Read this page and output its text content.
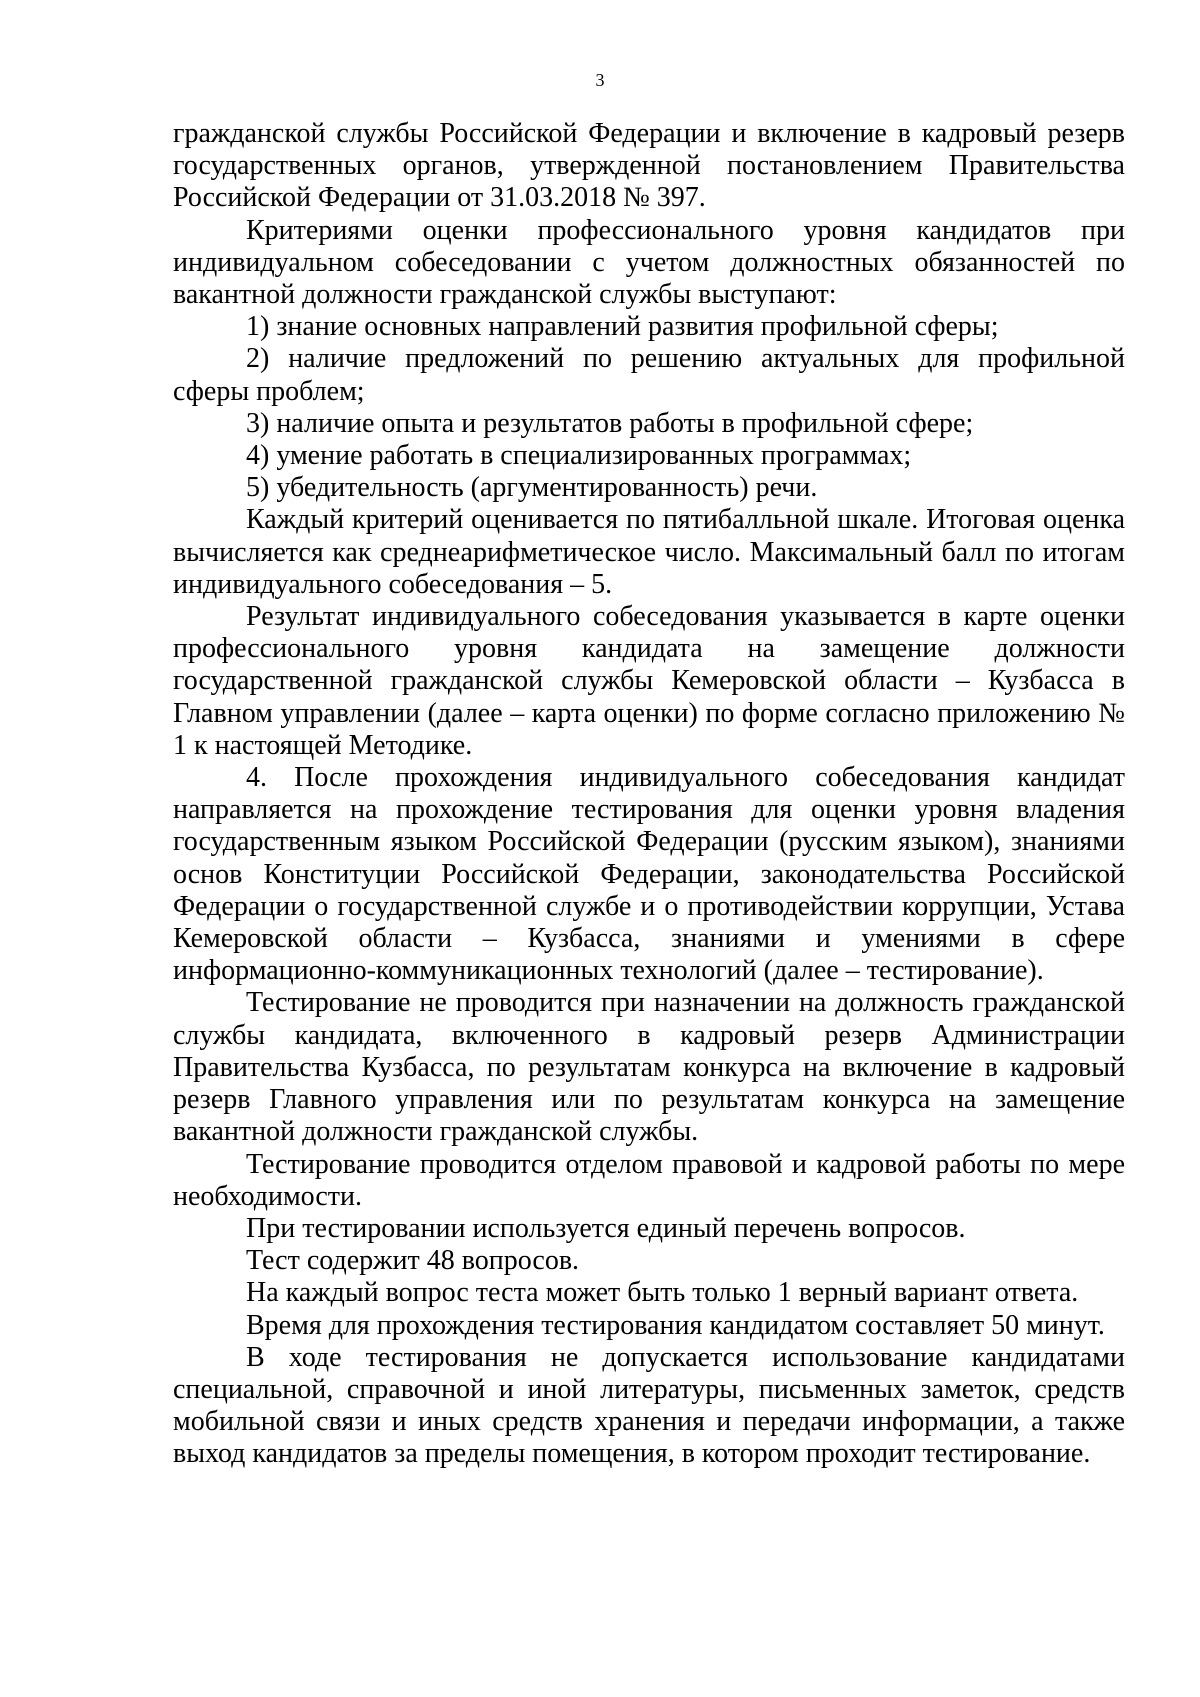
3

гражданской службы Российской Федерации и включение в кадровый резерв государственных органов, утвержденной постановлением Правительства Российской Федерации от 31.03.2018 № 397.

Критериями оценки профессионального уровня кандидатов при индивидуальном собеседовании с учетом должностных обязанностей по вакантной должности гражданской службы выступают:

1) знание основных направлений развития профильной сферы;

2) наличие предложений по решению актуальных для профильной сферы проблем;

3) наличие опыта и результатов работы в профильной сфере;

4) умение работать в специализированных программах;

5) убедительность (аргументированность) речи.

Каждый критерий оценивается по пятибалльной шкале. Итоговая оценка вычисляется как среднеарифметическое число. Максимальный балл по итогам индивидуального собеседования – 5.

Результат индивидуального собеседования указывается в карте оценки профессионального уровня кандидата на замещение должности государственной гражданской службы Кемеровской области – Кузбасса в Главном управлении (далее – карта оценки) по форме согласно приложению № 1 к настоящей Методике.

4. После прохождения индивидуального собеседования кандидат направляется на прохождение тестирования для оценки уровня владения государственным языком Российской Федерации (русским языком), знаниями основ Конституции Российской Федерации, законодательства Российской Федерации о государственной службе и о противодействии коррупции, Устава Кемеровской области – Кузбасса, знаниями и умениями в сфере информационно-коммуникационных технологий (далее – тестирование).

Тестирование не проводится при назначении на должность гражданской службы кандидата, включенного в кадровый резерв Администрации Правительства Кузбасса, по результатам конкурса на включение в кадровый резерв Главного управления или по результатам конкурса на замещение вакантной должности гражданской службы.

Тестирование проводится отделом правовой и кадровой работы по мере необходимости.

При тестировании используется единый перечень вопросов.

Тест содержит 48 вопросов.

На каждый вопрос теста может быть только 1 верный вариант ответа.

Время для прохождения тестирования кандидатом составляет 50 минут.

В ходе тестирования не допускается использование кандидатами специальной, справочной и иной литературы, письменных заметок, средств мобильной связи и иных средств хранения и передачи информации, а также выход кандидатов за пределы помещения, в котором проходит тестирование.
